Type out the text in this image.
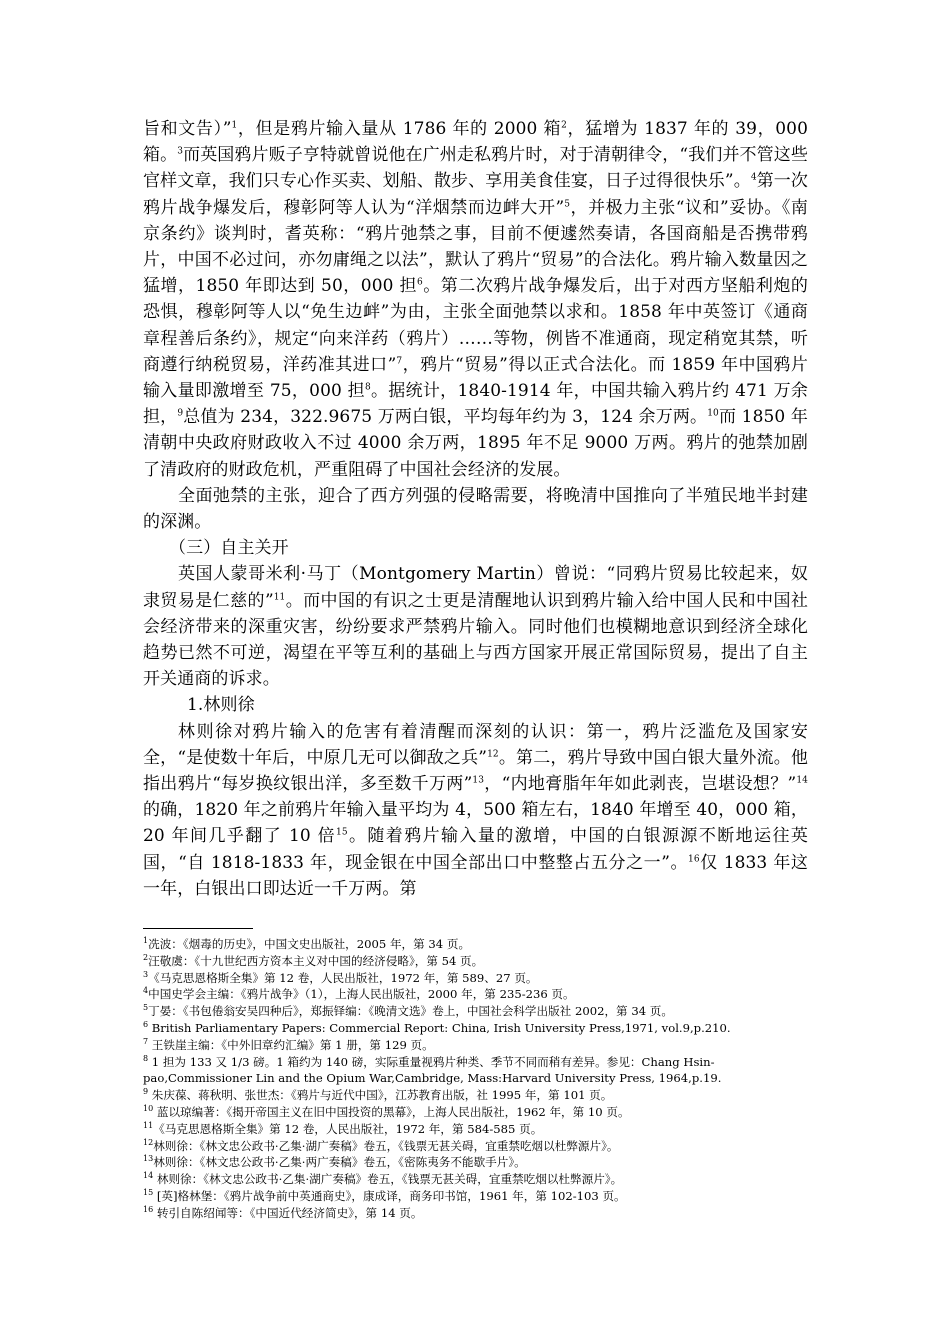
旨和文告）”$^1$，但是鸦片输入量从 1786 年的 2000 箱$^2$，猛增为 1837 年的 39，000 箱。$^3$而英国鸦片贩子亨特就曾说他在广州走私鸦片时，对于清朝律令，“我们并不管这些官样文章，我们只专心作买卖、划船、散步、享用美食佳宴，日子过得很快乐”。$^4$第一次鸦片战争爆发后，穆彰阿等人认为“洋烟禁而边衅大开”$^5$，并极力主张“议和”妥协。《南京条约》谈判时，耆英称：“鸦片弛禁之事，目前不便遽然奏请，各国商船是否携带鸦片，中国不必过问，亦勿庸绳之以法”，默认了鸦片“贸易”的合法化。鸦片输入数量因之猛增，1850 年即达到 50，000 担$^6$。第二次鸦片战争爆发后，出于对西方坚船利炮的恐惧，穆彰阿等人以“免生边衅”为由，主张全面弛禁以求和。1858 年中英签订《通商章程善后条约》，规定“向来洋药（鸦片）……等物，例皆不准通商，现定稍宽其禁，听商遵行纳税贸易，洋药准其进口”$^7$，鸦片“贸易”得以正式合法化。而 1859 年中国鸦片输入量即激增至 75，000 担$^8$。据统计，1840-1914 年，中国共输入鸦片约 471 万余担，$^9$总值为 234，322.9675 万两白银，平均每年约为 3，124 余万两。$^{10}$而 1850 年清朝中央政府财政收入不过 4000 余万两，1895 年不足 9000 万两。鸦片的弛禁加剧了清政府的财政危机，严重阻碍了中国社会经济的发展。

全面弛禁的主张，迎合了西方列强的侵略需要，将晚清中国推向了半殖民地半封建的深渊。

（三）自主关开

英国人蒙哥米利·马丁（Montgomery Martin）曾说：“同鸦片贸易比较起来，奴隶贸易是仁慈的”$^{11}$。而中国的有识之士更是清醒地认识到鸦片输入给中国人民和中国社会经济带来的深重灾害，纷纷要求严禁鸦片输入。同时他们也模糊地意识到经济全球化趋势已然不可逆，渴望在平等互利的基础上与西方国家开展正常国际贸易，提出了自主开关通商的诉求。

1.林则徐

林则徐对鸦片输入的危害有着清醒而深刻的认识：第一，鸦片泛滥危及国家安全，“是使数十年后，中原几无可以御敌之兵”$^{12}$。第二，鸦片导致中国白银大量外流。他指出鸦片“每岁换纹银出洋，多至数千万两”$^{13}$，“内地膏脂年年如此剥丧，岂堪设想？”$^{14}$的确，1820 年之前鸦片年输入量平均为 4，500 箱左右，1840 年增至 40，000 箱，20 年间几乎翻了 10 倍$^{15}$。随着鸦片输入量的激增，中国的白银源源不断地运往英国，“自 1818-1833 年，现金银在中国全部出口中整整占五分之一”。$^{16}$仅 1833 年这一年，白银出口即达近一千万两。第

$^1$冼波：《烟毒的历史》，中国文史出版社，2005 年，第 34 页。

$^2$汪敬虞：《十九世纪西方资本主义对中国的经济侵略》，第 54 页。

$^3$《马克思恩格斯全集》第 12 卷，人民出版社，1972 年，第 589、27 页。

$^4$中国史学会主编：《鸦片战争》（1），上海人民出版社，2000 年，第 235-236 页。

$^5$丁晏：《书包倦翁安吴四种后》，郑振铎编：《晚清文选》卷上，中国社会科学出版社 2002，第 34 页。

$^6$ British Parliamentary Papers: Commercial Report: China, Irish University Press,1971, vol.9,p.210.

$^7$ 王铁崖主编：《中外旧章约汇编》第 1 册，第 129 页。

$^8$ 1 担为 133 又 1/3 磅。1 箱约为 140 磅，实际重量视鸦片种类、季节不同而稍有差异。参见：Chang Hsin-pao,Commissioner Lin and the Opium War,Cambridge, Mass:Harvard University Press, 1964,p.19.

$^9$ 朱庆葆、蒋秋明、张世杰：《鸦片与近代中国》，江苏教育出版，社 1995 年，第 101 页。

$^{10}$ 蓝以琼编著：《揭开帝国主义在旧中国投资的黑幕》，上海人民出版社，1962 年，第 10 页。

$^{11}$《马克思恩格斯全集》第 12 卷，人民出版社，1972 年，第 584-585 页。

$^{12}$林则徐：《林文忠公政书·乙集·湖广奏稿》卷五，《钱票无甚关碍，宜重禁吃烟以杜弊源片》。

$^{13}$林则徐：《林文忠公政书·乙集·两广奏稿》卷五，《密陈夷务不能歇手片》。

$^{14}$ 林则徐：《林文忠公政书·乙集·湖广奏稿》卷五，《钱票无甚关碍，宜重禁吃烟以杜弊源片》。

$^{15}$ [英]格林堡：《鸦片战争前中英通商史》，康成译，商务印书馆，1961 年，第 102-103 页。

$^{16}$ 转引自陈绍闻等：《中国近代经济简史》，第 14 页。
